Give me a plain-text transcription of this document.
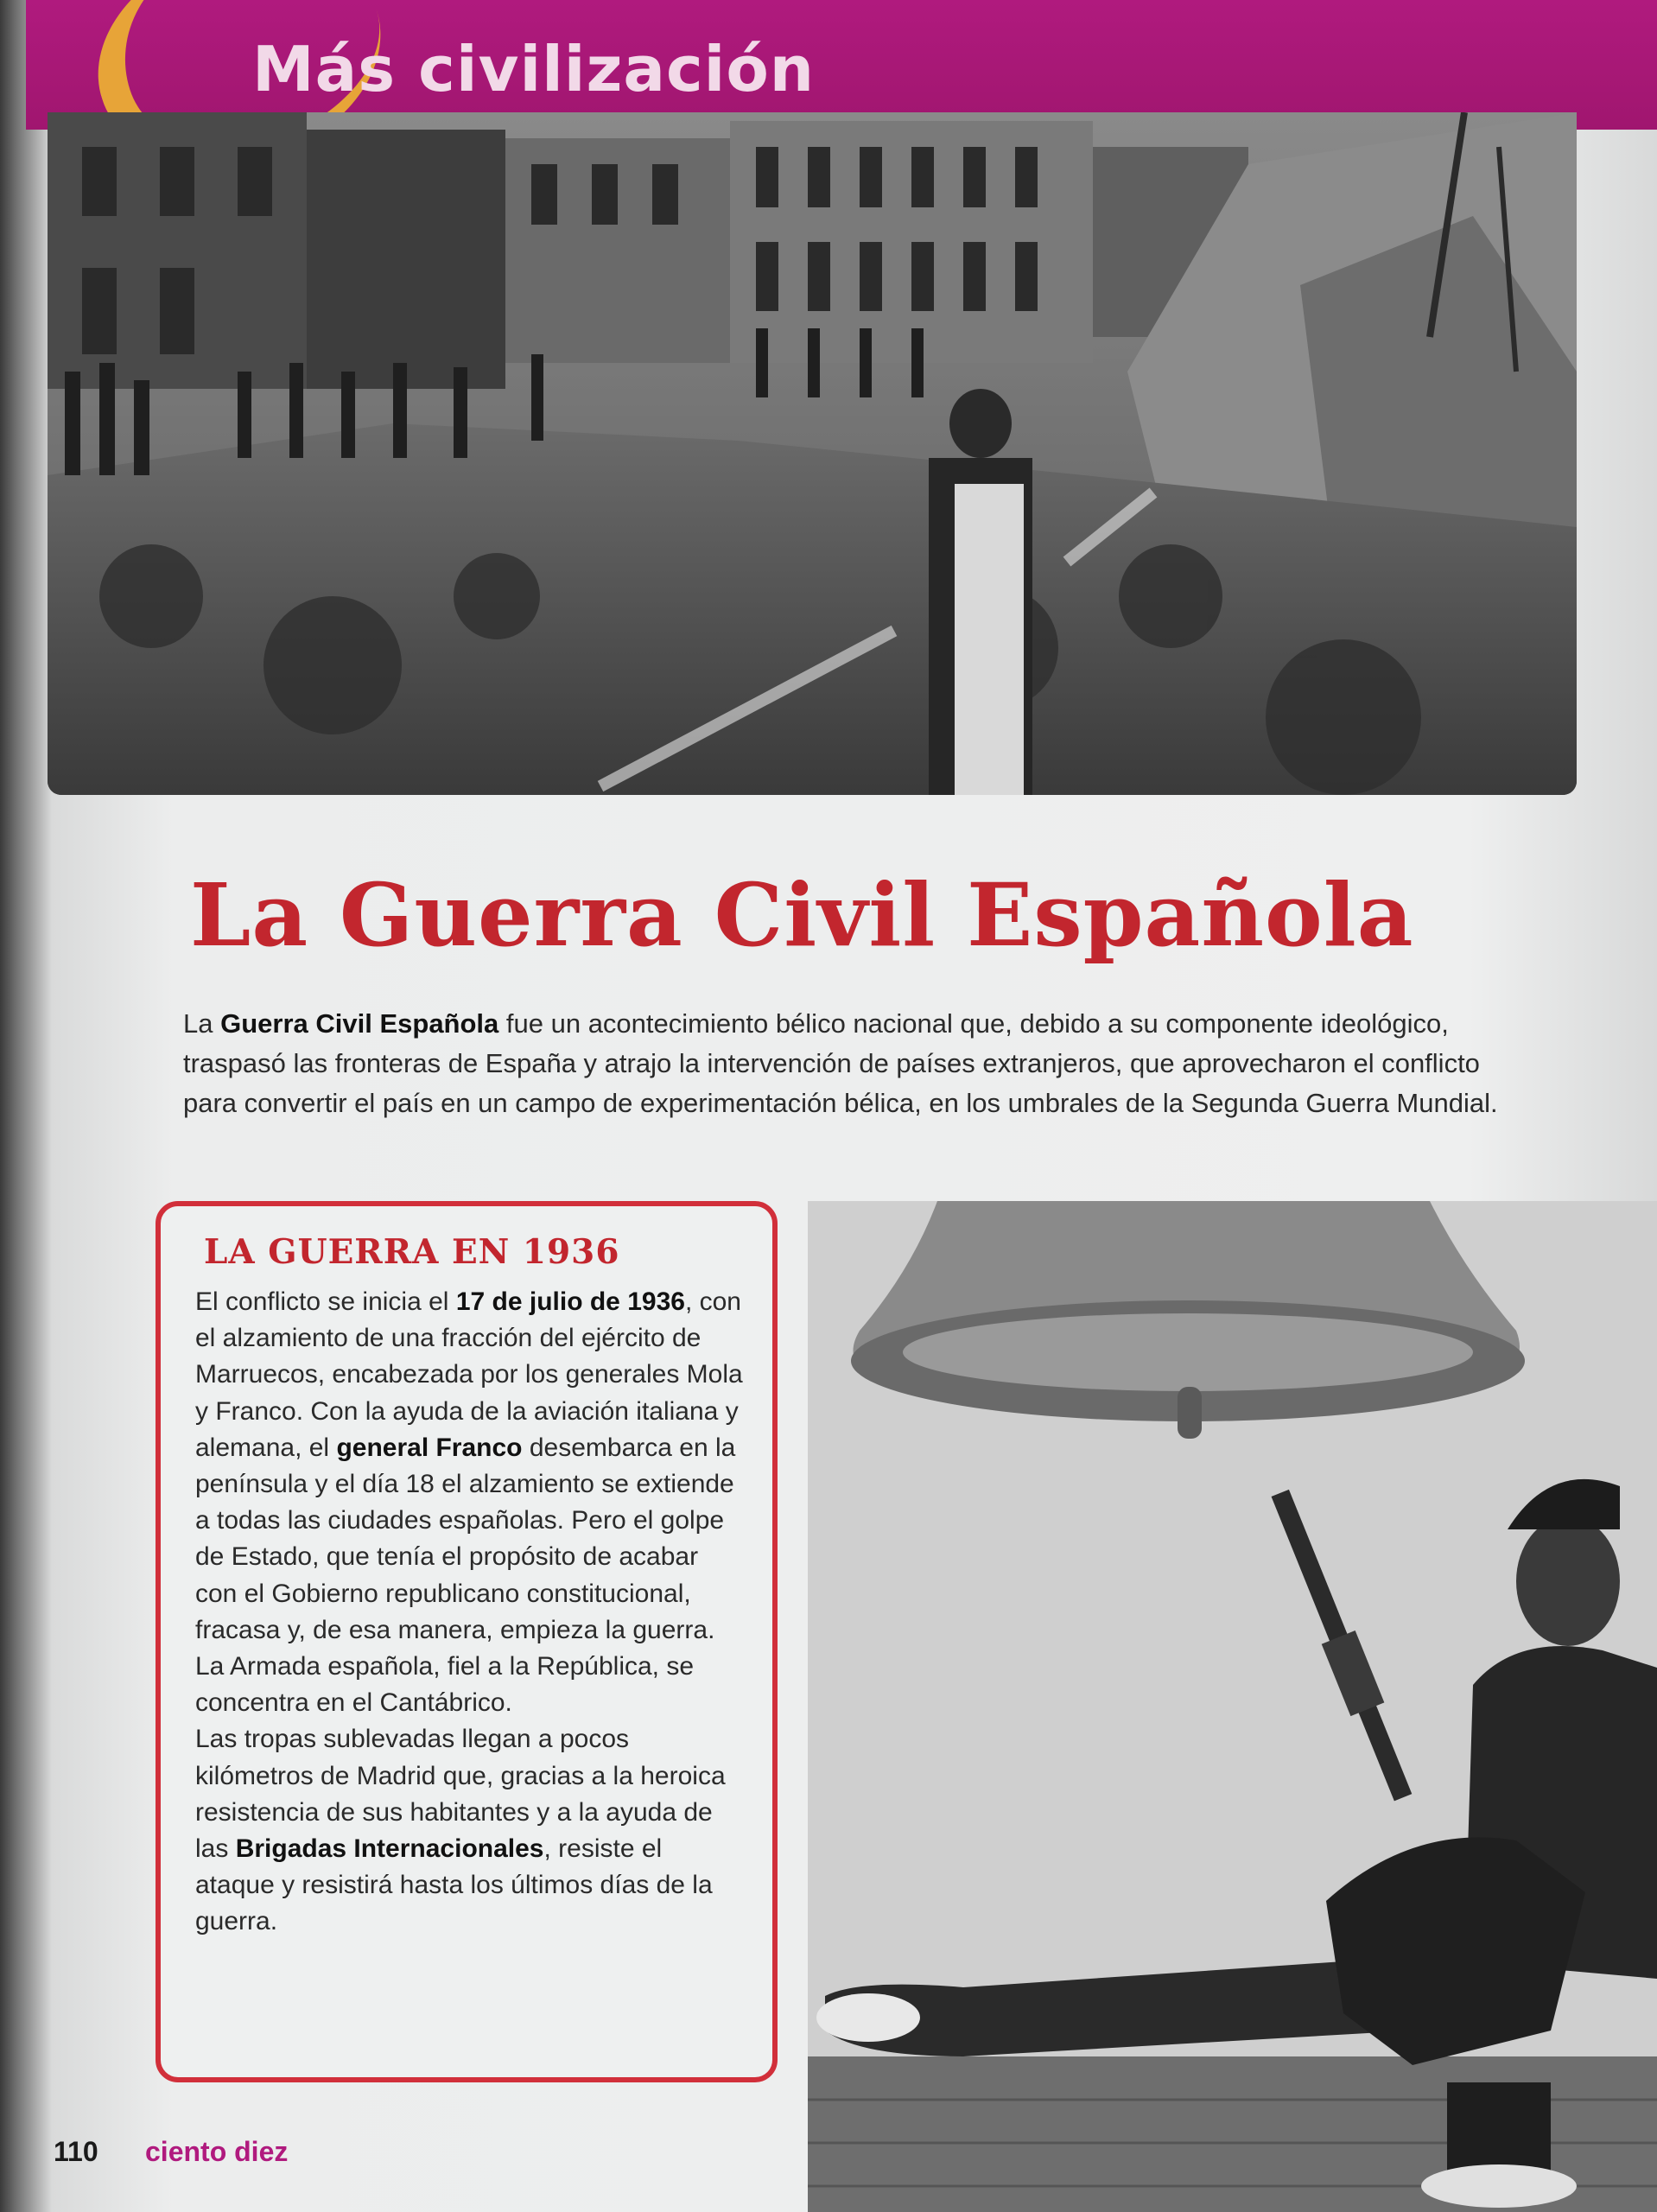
Más civilización
La Guerra Civil Española

La Guerra Civil Española fue un acontecimiento bélico nacional que, debido a su componente ideológico, traspasó las fronteras de España y atrajo la intervención de países extranjeros, que aprovecharon el conflicto para convertir el país en un campo de experimentación bélica, en los umbrales de la Segunda Guerra Mundial.

LA GUERRA EN 1936

El conflicto se inicia el 17 de julio de 1936, con el alzamiento de una fracción del ejército de Marruecos, encabezada por los generales Mola y Franco. Con la ayuda de la aviación italiana y alemana, el general Franco desembarca en la península y el día 18 el alzamiento se extiende a todas las ciudades españolas. Pero el golpe de Estado, que tenía el propósito de acabar con el Gobierno republicano constitucional, fracasa y, de esa manera, empieza la guerra.

La Armada española, fiel a la República, se concentra en el Cantábrico.

Las tropas sublevadas llegan a pocos kilómetros de Madrid que, gracias a la heroica resistencia de sus habitantes y a la ayuda de las Brigadas Internacionales, resiste el ataque y resistirá hasta los últimos días de la guerra.

110 ciento diez
